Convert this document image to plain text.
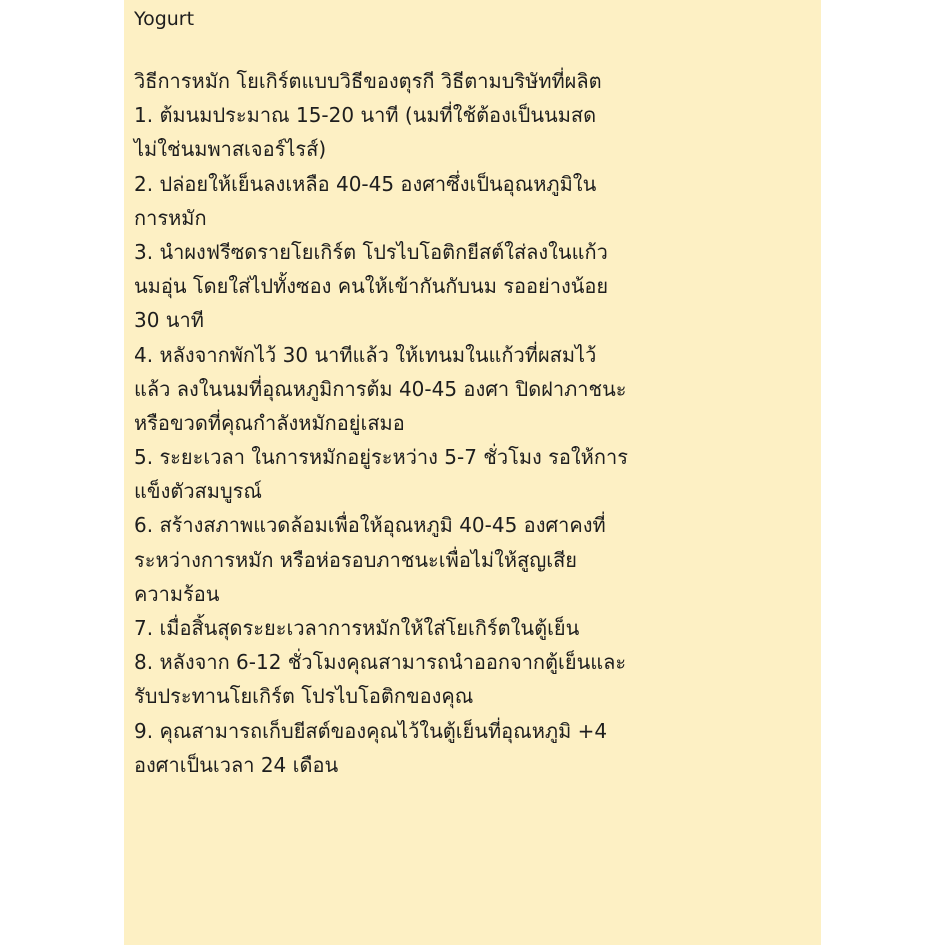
Yogurt
วิธีการหมัก โยเกิร์ตแบบวิธีของตุรกี วิธีตามบริษัทที่ผลิต
1. ต้มนมประมาณ 15-20 นาที (นมที่ใช้ต้องเป็นนมสด
ไม่ใช่นมพาสเจอร์ไรส์)
2. ปล่อยให้เย็นลงเหลือ 40-45 องศาซึ่งเป็นอุณหภูมิใน
การหมัก
3. นำผงฟรีซดรายโยเกิร์ต โปรไบโอติกยีสต์ใส่ลงในแก้ว
นมอุ่น โดยใส่ไปทั้งซอง คนให้เข้ากันกับนม รออย่างน้อย
30 นาที
4. หลังจากพักไว้ 30 นาทีแล้ว ให้เทนมในแก้วที่ผสมไว้
แล้ว ลงในนมที่อุณหภูมิการต้ม 40-45 องศา ปิดฝาภาชนะ
หรือขวดที่คุณกำลังหมักอยู่เสมอ
5. ระยะเวลา ในการหมักอยู่ระหว่าง 5-7 ชั่วโมง รอให้การ
แข็งตัวสมบูรณ์
6. สร้างสภาพแวดล้อมเพื่อให้อุณหภูมิ 40-45 องศาคงที่
ระหว่างการหมัก หรือห่อรอบภาชนะเพื่อไม่ให้สูญเสีย
ความร้อน
7. เมื่อสิ้นสุดระยะเวลาการหมักให้ใส่โยเกิร์ตในตู้เย็น
8. หลังจาก 6-12 ชั่วโมงคุณสามารถนำออกจากตู้เย็นและ
รับประทานโยเกิร์ต โปรไบโอติกของคุณ
9. คุณสามารถเก็บยีสต์ของคุณไว้ในตู้เย็นที่อุณหภูมิ +4
องศาเป็นเวลา 24 เดือน
